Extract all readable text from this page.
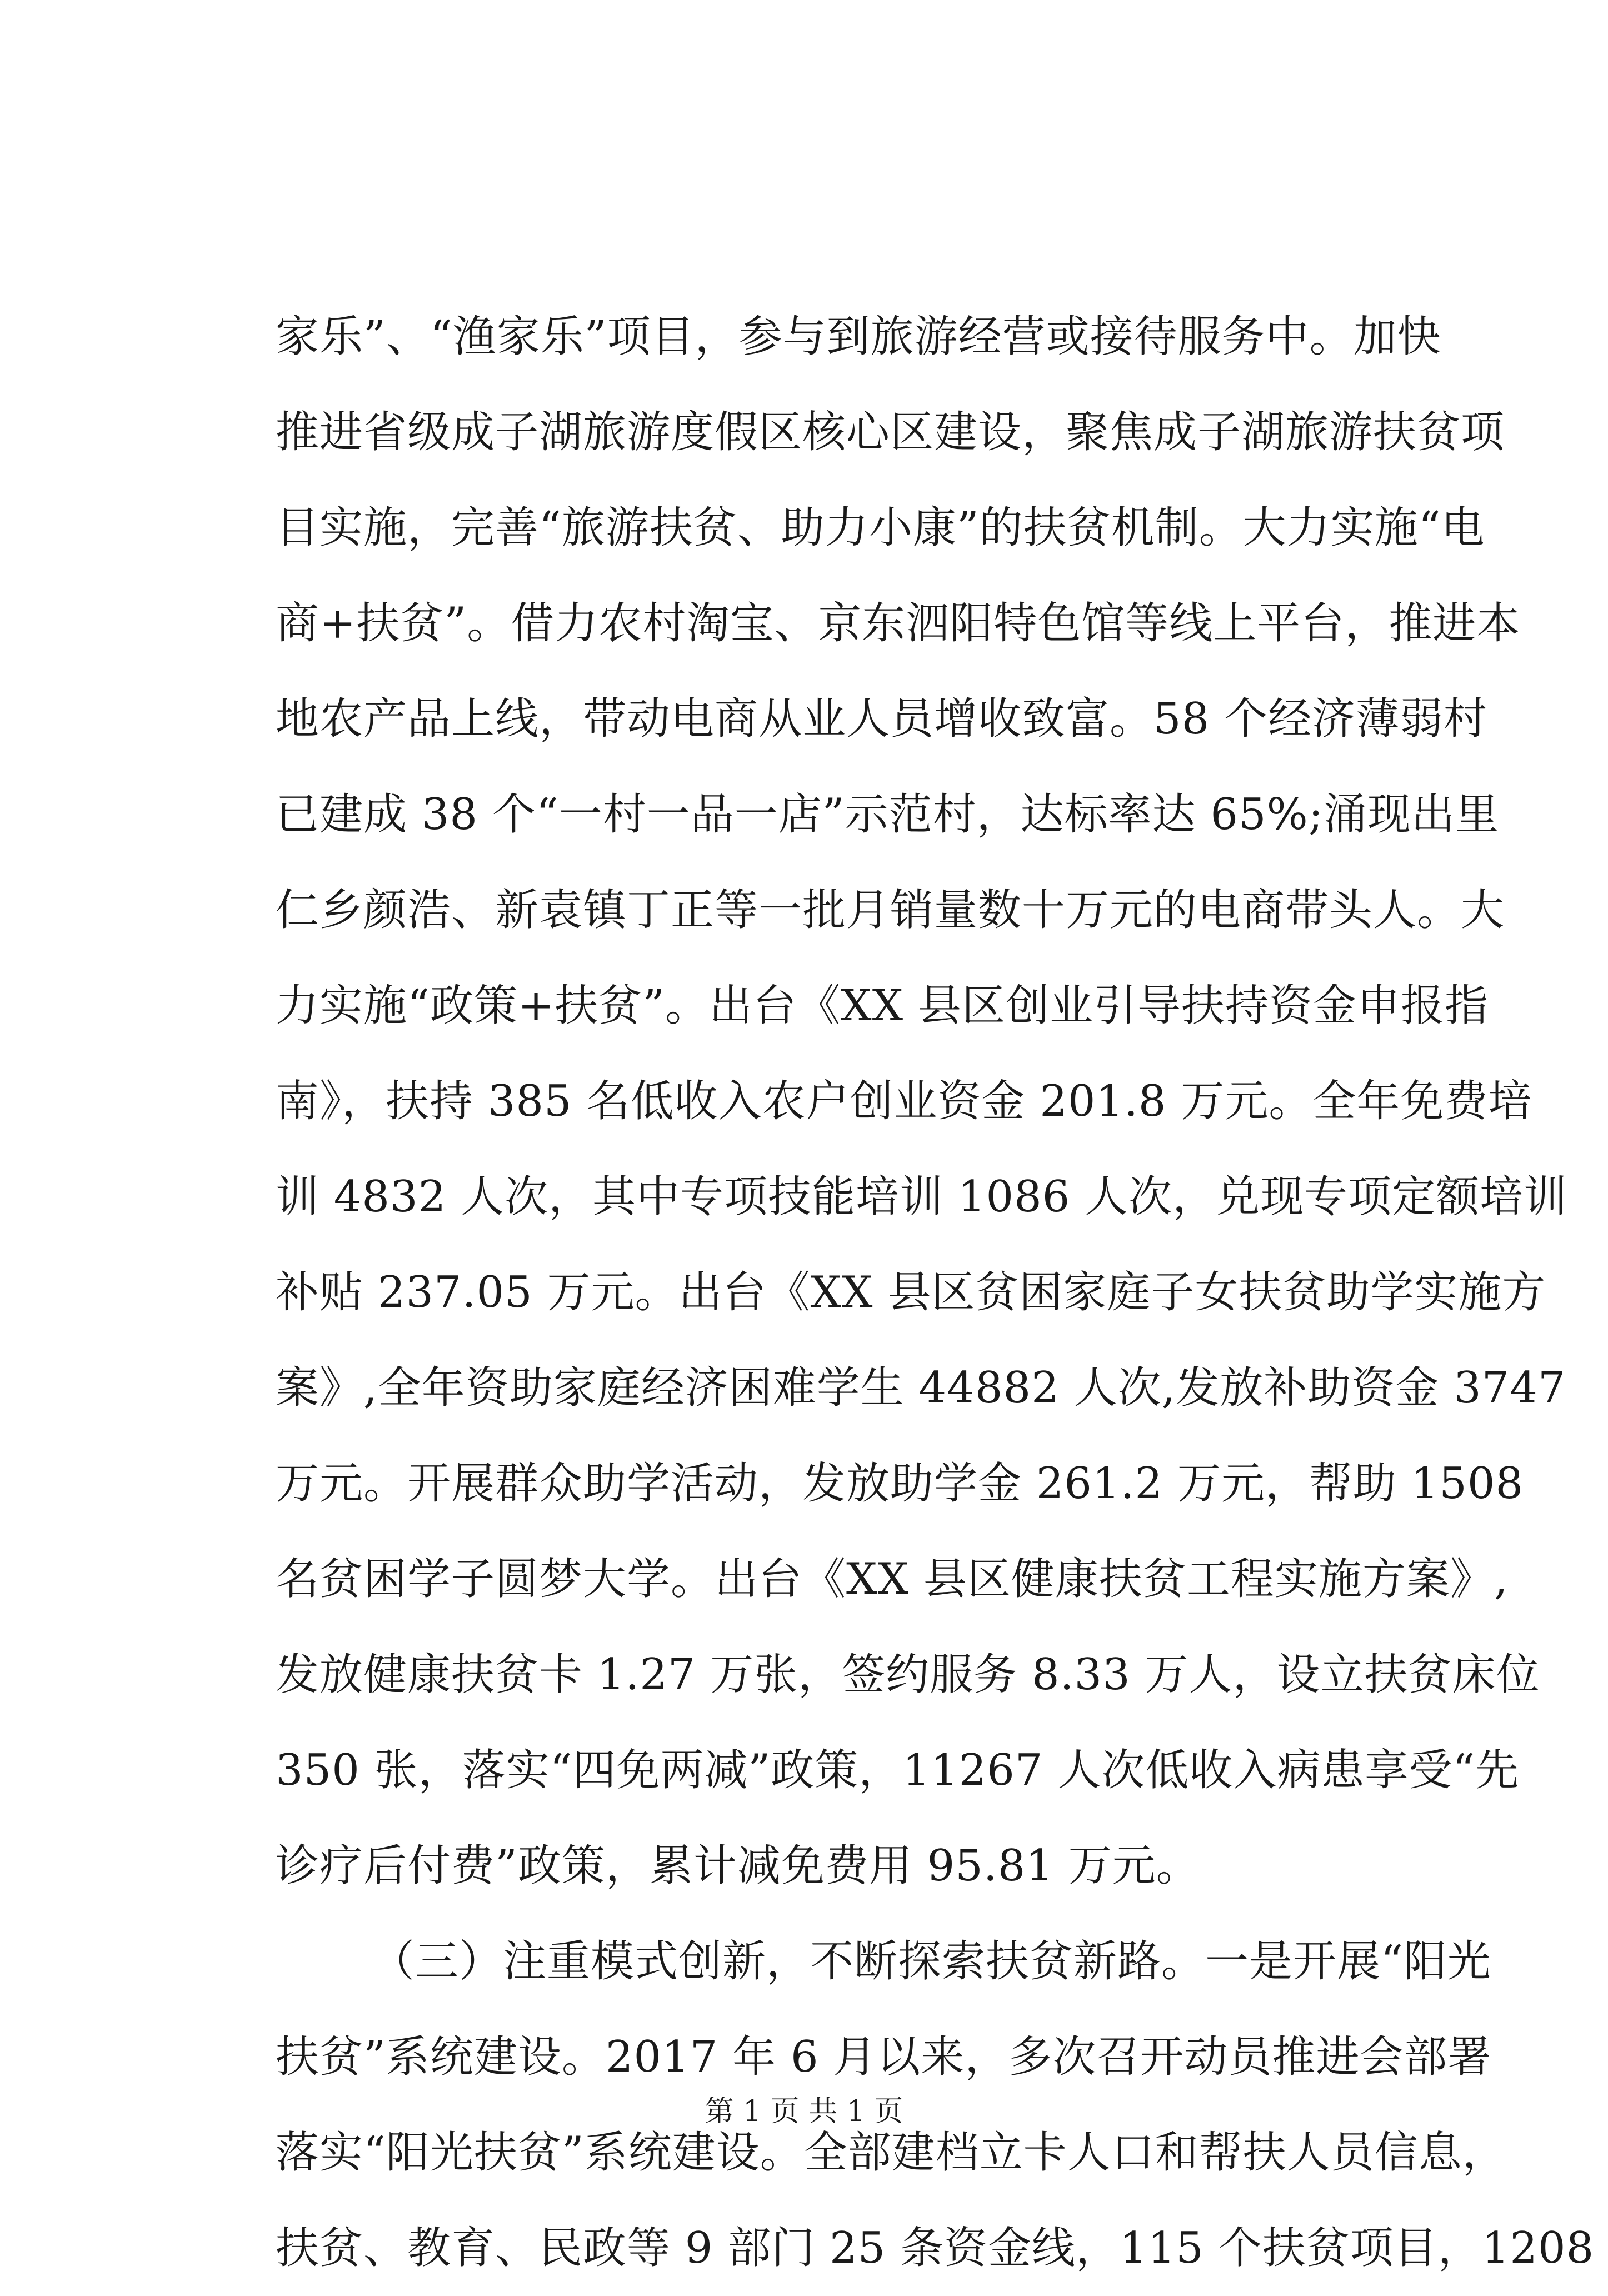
家乐”、“渔家乐”项目，参与到旅游经营或接待服务中。加快
推进省级成子湖旅游度假区核心区建设，聚焦成子湖旅游扶贫项
目实施，完善“旅游扶贫、助力小康”的扶贫机制。大力实施“电
商+扶贫”。借力农村淘宝、京东泗阳特色馆等线上平台，推进本
地农产品上线，带动电商从业人员增收致富。58 个经济薄弱村
已建成 38 个“一村一品一店”示范村，达标率达 65%;涌现出里
仁乡颜浩、新袁镇丁正等一批月销量数十万元的电商带头人。大
力实施“政策+扶贫”。出台《XX 县区创业引导扶持资金申报指
南》，扶持 385 名低收入农户创业资金 201.8 万元。全年免费培
训 4832 人次，其中专项技能培训 1086 人次，兑现专项定额培训
补贴 237.05 万元。出台《XX 县区贫困家庭子女扶贫助学实施方
案》,全年资助家庭经济困难学生 44882 人次,发放补助资金 3747
万元。开展群众助学活动，发放助学金 261.2 万元，帮助 1508
名贫困学子圆梦大学。出台《XX 县区健康扶贫工程实施方案》,
发放健康扶贫卡 1.27 万张，签约服务 8.33 万人，设立扶贫床位
350 张，落实“四免两减”政策，11267 人次低收入病患享受“先
诊疗后付费”政策，累计减免费用 95.81 万元。
（三）注重模式创新，不断探索扶贫新路。一是开展“阳光
扶贫”系统建设。2017 年 6 月以来，多次召开动员推进会部署
落实“阳光扶贫”系统建设。全部建档立卡人口和帮扶人员信息，
扶贫、教育、民政等 9 部门 25 条资金线，115 个扶贫项目，1208
第 1 页 共 1 页
